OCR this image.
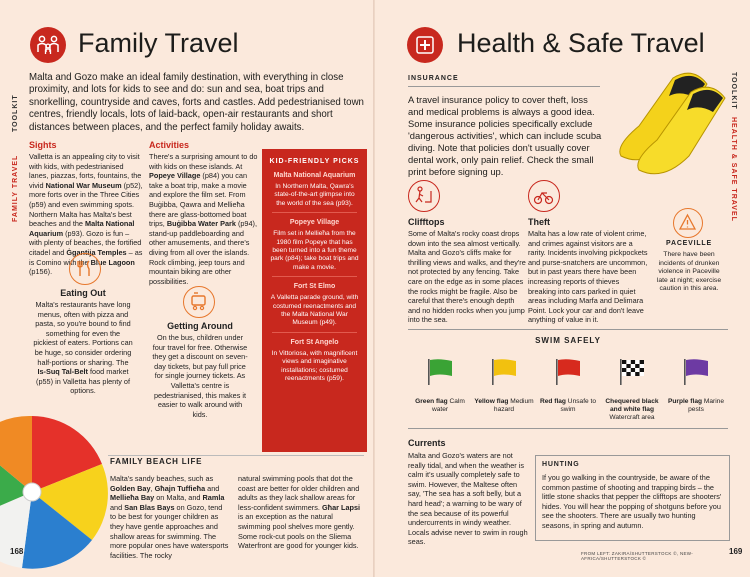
Family Travel
FAMILY TRAVEL
TOOLKIT
Malta and Gozo make an ideal family destination, with everything in close proximity, and lots for kids to see and do: sun and sea, boat trips and snorkelling, countryside and caves, forts and castles. Add pedestrianised town centres, friendly locals, lots of laid-back, open-air restaurants and short distances between places, and the perfect family holiday awaits.
Sights
Valletta is an appealing city to visit with kids, with pedestrianised lanes, piazzas, forts, fountains, the vivid National War Museum (p52), more forts over in the Three Cities (p59) and even swimming spots. Northern Malta has Malta's best beaches and the Malta National Aquarium (p93). Gozo is fun – with plenty of beaches, the fortified citadel and Ġgantija Temples – as is Comino with the Blue Lagoon (p156).
Activities
There's a surprising amount to do with kids on these islands. At Popeye Village (p84) you can take a boat trip, make a movie and explore the film set. From Buġibba, Qawra and Mellieħa there are glass-bottomed boat trips, Buġibba Water Park (p94), stand-up paddleboarding and other amusements, and there's diving from all over the islands. Rock climbing, jeep tours and mountain biking are other possibilities.
Eating Out
Malta's restaurants have long menus, often with pizza and pasta, so you're bound to find something for even the pickiest of eaters. Portions can be huge, so consider ordering half-portions or sharing. The Is-Suq Tal-Belt food market (p55) in Valletta has plenty of options.
Getting Around
On the bus, children under four travel for free. Otherwise they get a discount on seven-day tickets, but pay full price for single journey tickets. As Valletta's centre is pedestrianised, this makes it easier to walk around with kids.
KID-FRIENDLY PICKS
Malta National Aquarium
In Northern Malta, Qawra's state-of-the-art glimpse into the world of the sea (p93).
Popeye Village
Film set in Mellieħa from the 1980 film Popeye that has been turned into a fun theme park (p84); take boat trips and make a movie.
Fort St Elmo
A Valletta parade ground, with costumed reenactments and the Malta National War Museum (p49).
Fort St Angelo
In Vittoriosa, with magnificent views and imaginative installations; costumed reenactments (p59).
FAMILY BEACH LIFE
Malta's sandy beaches, such as Golden Bay, Għajn Tuffieħa and Mellieħa Bay on Malta, and Ramla and San Blas Bays on Gozo, tend to be best for younger children as they have gentle approaches and shallow areas for swimming. The more popular ones have watersports facilities. The rocky
natural swimming pools that dot the coast are better for older children and adults as they lack shallow areas for less-confident swimmers. Għar Lapsi is an exception as the natural swimming pool shelves more gently. Some rock-cut pools on the Sliema Waterfront are good for younger kids.
168
Health & Safe Travel
HEALTH & SAFE TRAVEL
TOOLKIT
INSURANCE
A travel insurance policy to cover theft, loss and medical problems is always a good idea. Some insurance policies specifically exclude 'dangerous activities', which can include scuba diving. Note that policies don't usually cover dental work, only pain relief. Check the small print before signing up.
Clifftops
Some of Malta's rocky coast drops down into the sea almost vertically. Malta and Gozo's cliffs make for thrilling views and walks, and they're not protected by any fencing. Take care on the edge as in some places the rocks might be fragile. Also be careful that there's enough depth and no hidden rocks when you jump into the sea.
Theft
Malta has a low rate of violent crime, and crimes against visitors are a rarity. Incidents involving pickpockets and purse-snatchers are uncommon, but in past years there have been increasing reports of thieves breaking into cars parked in quiet areas including Marfa and Delimara Point. Lock your car and don't leave anything of value in it.
PACEVILLE
There have been incidents of drunken violence in Paceville late at night; exercise caution in this area.
SWIM SAFELY
Green flag Calm water
Yellow flag Medium hazard
Red flag Unsafe to swim
Chequered black and white flag Watercraft area
Purple flag Marine pests
Currents
Malta and Gozo's waters are not really tidal, and when the weather is calm it's usually completely safe to swim. However, the Maltese often say, 'The sea has a soft belly, but a hard head'; a warning to be wary of the sea because of its powerful undercurrents in windy weather. Locals advise never to swim in rough seas.
HUNTING
If you go walking in the countryside, be aware of the common pastime of shooting and trapping birds – the little stone shacks that pepper the clifftops are shooters' hides. You will hear the popping of shotguns before you see the shooters. There are usually two hunting seasons, in spring and autumn.
FROM LEFT: ZAKIRA/SHUTTERSTOCK ©, NEW-AFRICA/SHUTTERSTOCK ©
169
